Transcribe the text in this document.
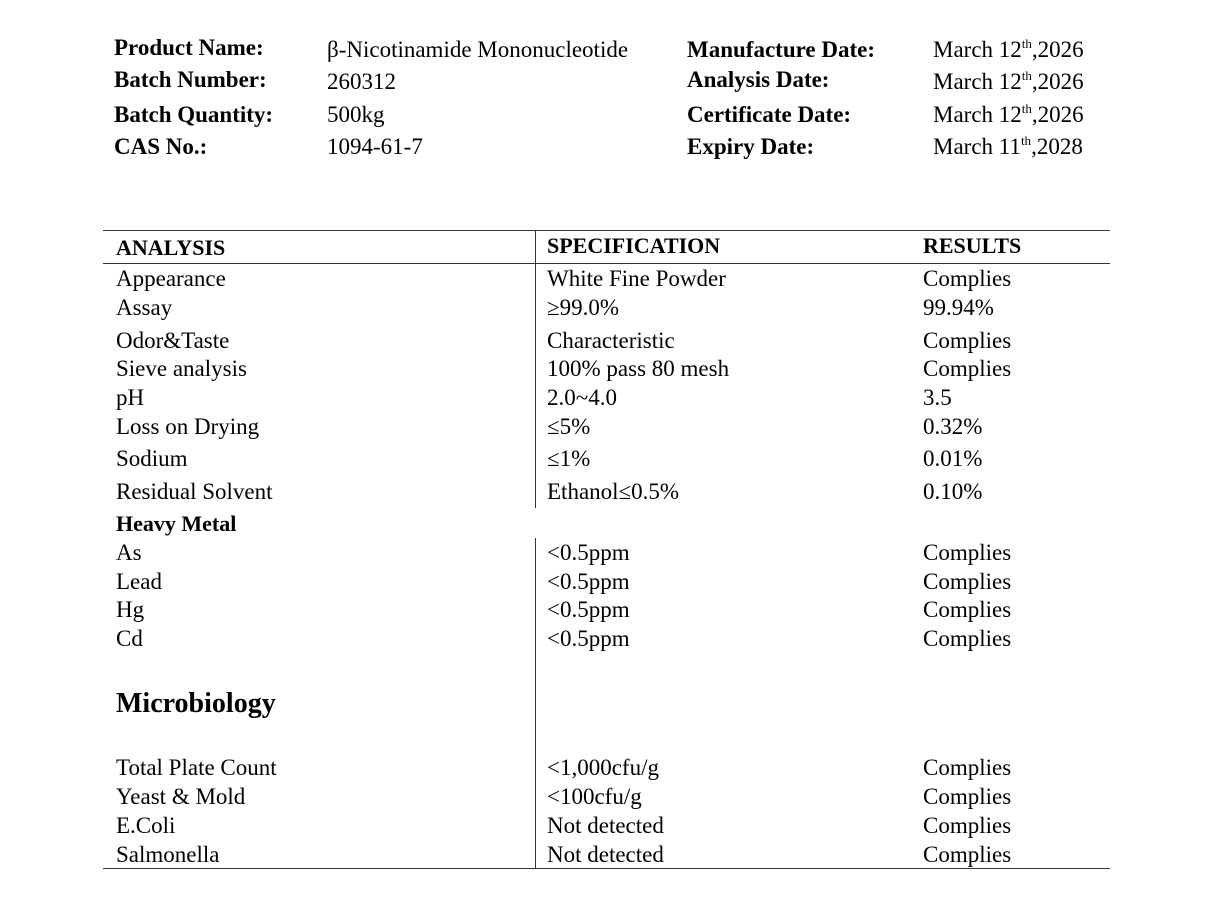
Product Name:	β-Nicotinamide Mononucleotide
Batch Number:	260312
Batch Quantity: 500kg
CAS No.:	1094-61-7
Manufacture Date:	March 12th,2026
Analysis Date:	March 12th,2026
Certificate Date:	March 12th,2026
Expiry Date:	March 11th,2028
ANALYSIS	SPECIFICATION	RESULTS
Appearance	White Fine Powder	Complies
Assay	≥99.0%	99.94%
Odor&Taste	Characteristic	Complies
Sieve analysis	100% pass 80 mesh	Complies
pH	2.0~4.0	3.5
Loss on Drying	≤5%	0.32%
Sodium	≤1%	0.01%
Residual Solvent	Ethanol≤0.5%	0.10%
Heavy Metal
As	<0.5ppm	Complies
Lead	<0.5ppm	Complies
Hg	<0.5ppm	Complies
Cd	<0.5ppm	Complies
Microbiology
Total Plate Count	<1,000cfu/g	Complies
Yeast & Mold	<100cfu/g	Complies
E.Coli	Not detected	Complies
Salmonella	Not detected	Complies
